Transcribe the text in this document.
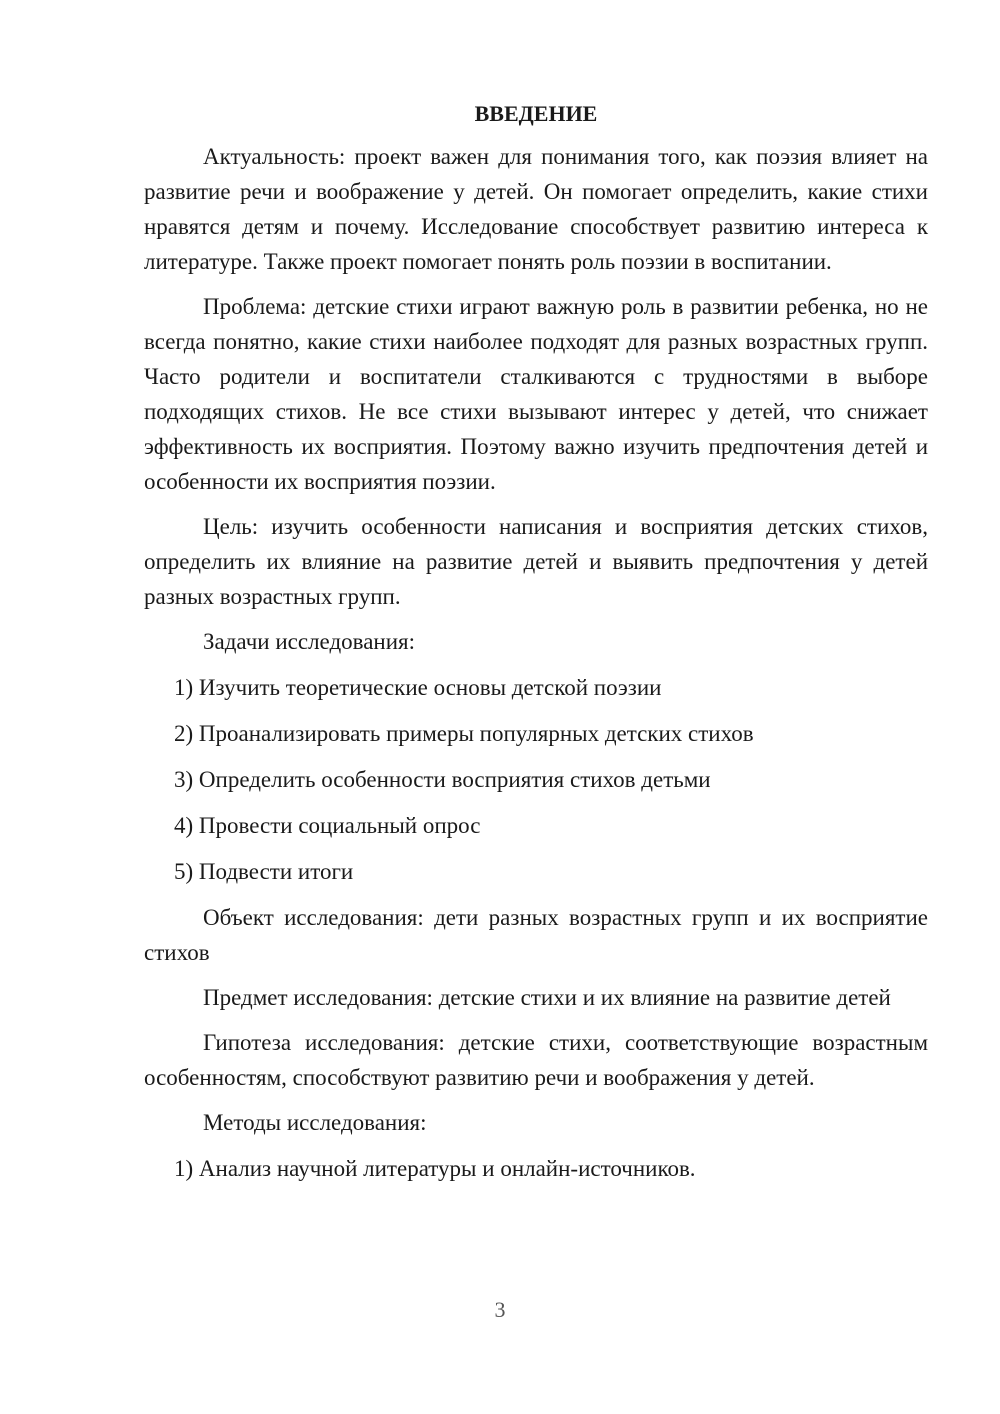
ВВЕДЕНИЕ

Актуальность: проект важен для понимания того, как поэзия влияет на развитие речи и воображение у детей. Он помогает определить, какие стихи нравятся детям и почему. Исследование способствует развитию интереса к литературе. Также проект помогает понять роль поэзии в воспитании.

Проблема: детские стихи играют важную роль в развитии ребенка, но не всегда понятно, какие стихи наиболее подходят для разных возрастных групп. Часто родители и воспитатели сталкиваются с трудностями в выборе подходящих стихов. Не все стихи вызывают интерес у детей, что снижает эффективность их восприятия. Поэтому важно изучить предпочтения детей и особенности их восприятия поэзии.

Цель: изучить особенности написания и восприятия детских стихов, определить их влияние на развитие детей и выявить предпочтения у детей разных возрастных групп.

Задачи исследования:
1) Изучить теоретические основы детской поэзии
2) Проанализировать примеры популярных детских стихов
3) Определить особенности восприятия стихов детьми
4) Провести социальный опрос
5) Подвести итоги

Объект исследования: дети разных возрастных групп и их восприятие стихов

Предмет исследования: детские стихи и их влияние на развитие детей

Гипотеза исследования: детские стихи, соответствующие возрастным особенностям, способствуют развитию речи и воображения у детей.

Методы исследования:
1) Анализ научной литературы и онлайн-источников.
3
